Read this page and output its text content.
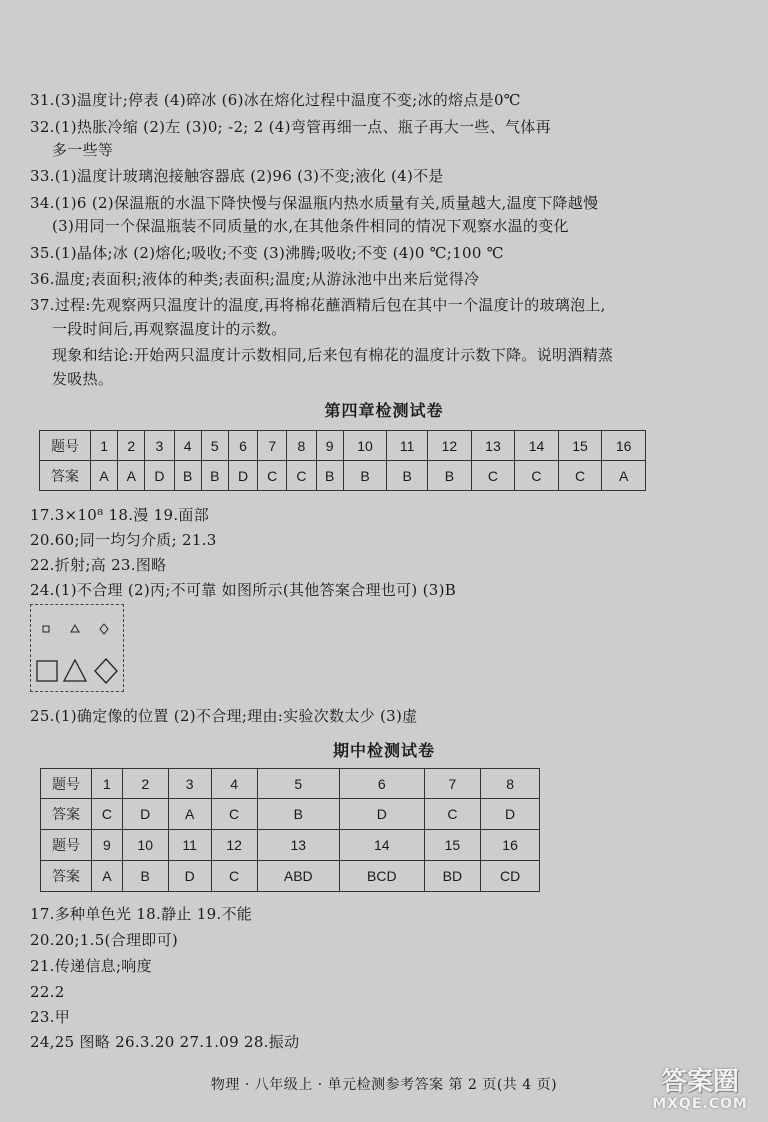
31.(3)温度计;停表 (4)碎冰 (6)冰在熔化过程中温度不变;冰的熔点是0℃
32.(1)热胀冷缩 (2)左 (3)0; -2; 2 (4)弯管再细一点、瓶子再大一些、气体再
多一些等
33.(1)温度计玻璃泡接触容器底 (2)96 (3)不变;液化 (4)不是
34.(1)6 (2)保温瓶的水温下降快慢与保温瓶内热水质量有关,质量越大,温度下降越慢
(3)用同一个保温瓶装不同质量的水,在其他条件相同的情况下观察水温的变化
35.(1)晶体;冰 (2)熔化;吸收;不变 (3)沸腾;吸收;不变 (4)0 ℃;100 ℃
36.温度;表面积;液体的种类;表面积;温度;从游泳池中出来后觉得冷
37.过程:先观察两只温度计的温度,再将棉花蘸酒精后包在其中一个温度计的玻璃泡上,
一段时间后,再观察温度计的示数。
现象和结论:开始两只温度计示数相同,后来包有棉花的温度计示数下降。说明酒精蒸
发吸热。
第四章检测试卷
题号	1	2	3	4	5	6	7	8	9	10	11	12	13	14	15	16
答案	A	A	D	B	B	D	C	C	B	B	B	B	C	C	C	A
17.3×10⁸ 18.漫 19.面部
20.60;同一均匀介质; 21.3
22.折射;高 23.图略
24.(1)不合理 (2)丙;不可靠 如图所示(其他答案合理也可) (3)B
25.(1)确定像的位置 (2)不合理;理由:实验次数太少 (3)虚
期中检测试卷
题号	1	2	3	4	5	6	7	8
答案	C	D	A	C	B	D	C	D
题号	9	10	11	12	13	14	15	16
答案	A	B	D	C	ABD	BCD	BD	CD
17.多种单色光 18.静止 19.不能
20.20;1.5(合理即可)
21.传递信息;响度
22.2
23.甲
24,25 图略 26.3.20 27.1.09 28.振动
物理 · 八年级上 · 单元检测参考答案 第 2 页(共 4 页)	答案圈
MXQE.COM
